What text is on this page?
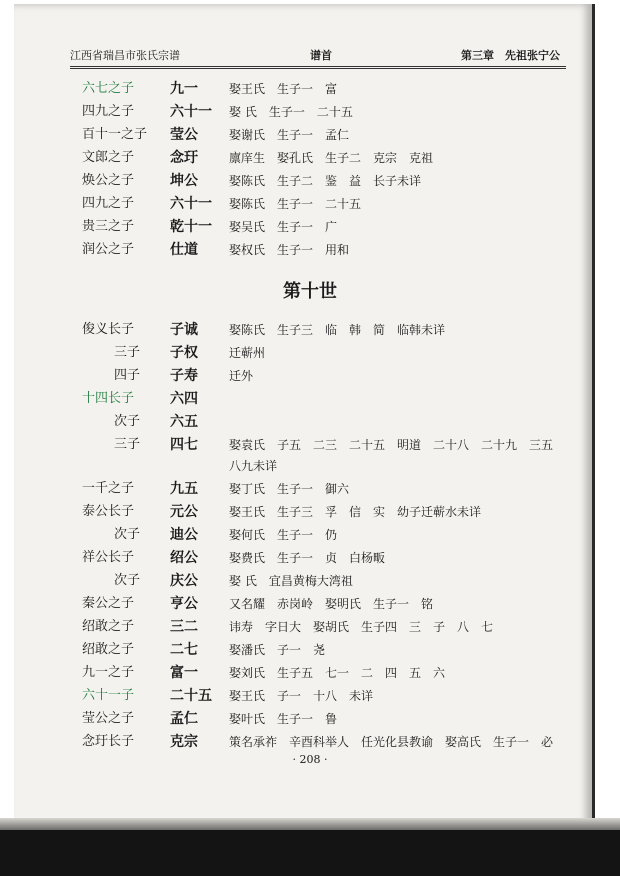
江西省瑞昌市张氏宗谱	谱首	第三章　先祖张宁公
六七之子	九一	娶王氏　生子一　富
四九之子	六十一 娶 氏　生子一　二十五
百十一之子 莹公	娶谢氏　生子一　孟仁
文郎之子	念玗	廪庠生　娶孔氏　生子二　克宗　克祖
焕公之子	坤公	娶陈氏　生子二　鉴　益　长子未详
四九之子	六十一 娶陈氏　生子一　二十五
贵三之子	乾十一 娶吴氏　生子一　广
润公之子	仕道	娶权氏　生子一　用和
第十世
俊义长子	子诚	娶陈氏　生子三　临　韩　简　临韩未详
三子 子权	迁蕲州
四子 子寿	迁外
十四长子	六四
次子 六五
三子 四七	娶袁氏　子五　二三　二十五　明道　二十八　二十九　三五
八九未详
一千之子	九五	娶丁氏　生子一　御六
泰公长子	元公	娶王氏　生子三　孚　信　实　幼子迁蕲水未详
次子 迪公	娶何氏　生子一　仍
祥公长子	绍公	娶费氏　生子一　贞　白杨畈
次子 庆公	娶 氏　宜昌黄梅大湾祖
秦公之子	亨公	又名耀　赤岗岭　娶明氏　生子一　铭
绍敢之子	三二	讳寿　字日大　娶胡氏　生子四　三　子　八　七
绍敢之子	二七	娶潘氏　子一　尧
九一之子	富一	娶刘氏　生子五　七一　二　四　五　六
六十一子	二十五 娶王氏　子一　十八　未详
莹公之子	孟仁	娶叶氏　生子一　鲁
念玗长子	克宗	策名承祚　辛酉科举人　任光化县教谕　娶高氏　生子一　必
· 208 ·
